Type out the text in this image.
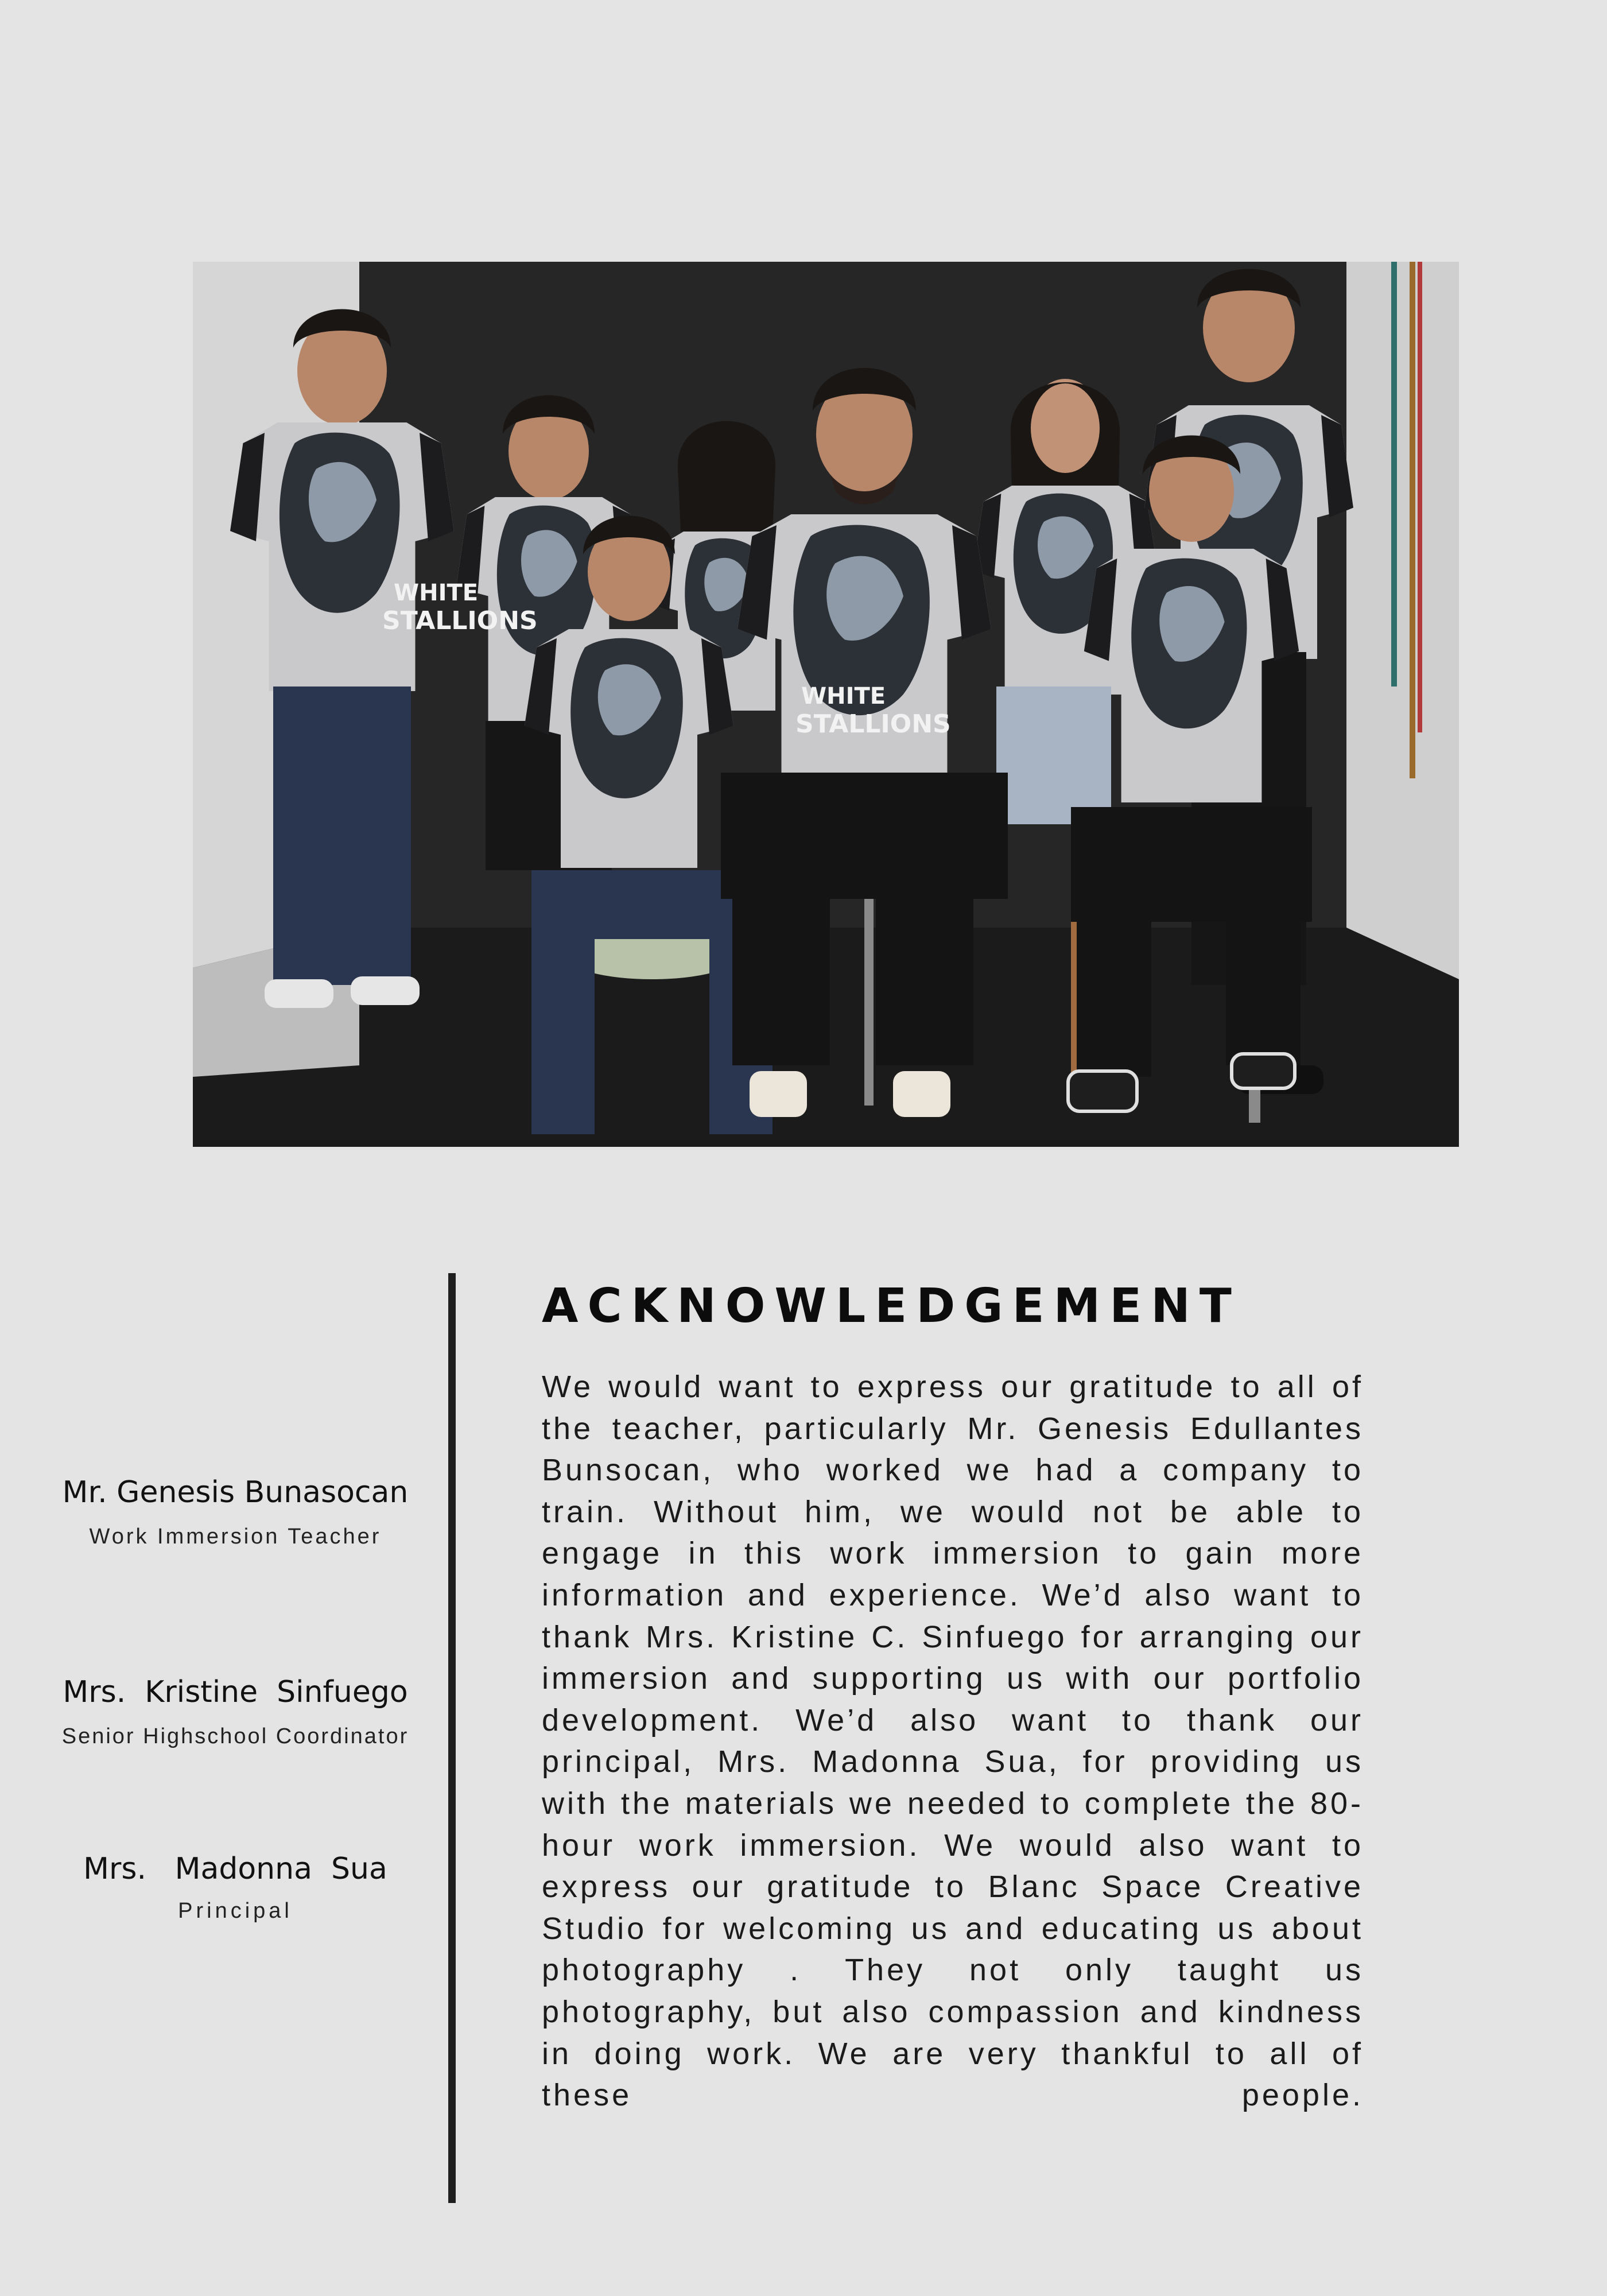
WHITE
STALLIONS
WHITE
STALLIONS
Mr. Genesis Bunasocan
Work Immersion Teacher
Mrs.  Kristine  Sinfuego
Senior Highschool Coordinator
Mrs.   Madonna  Sua
Principal
ACKNOWLEDGEMENT

We would want to express our gratitude to all of the teacher, particularly Mr. Genesis Edullantes Bunsocan, who worked we had a company to train. Without him, we would not be able to engage in this work immersion to gain more information and experience. We’d also want to thank Mrs. Kristine C. Sinfuego for arranging our immersion and supporting us with our portfolio development. We’d also want to thank our principal, Mrs. Madonna Sua, for providing us with the materials we needed to complete the 80-hour work immersion. We would also want to express our gratitude to Blanc Space Creative Studio for welcoming us and educating us about photography . They not only taught us photography, but also compassion and kindness in doing work. We are very thankful to all of these people.
